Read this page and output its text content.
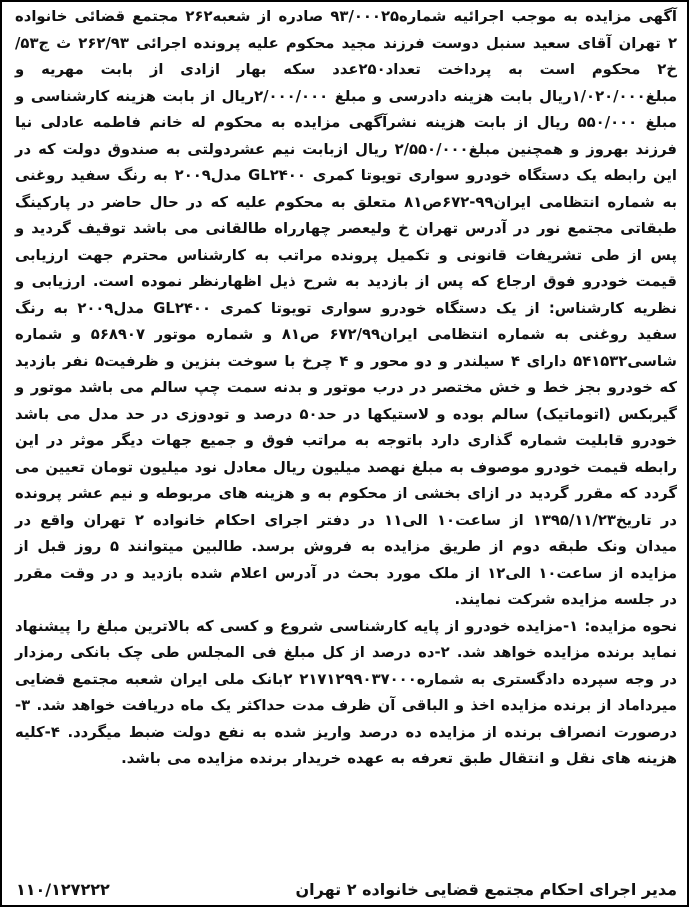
آگهی مزایده به موجب اجرائیه شماره۹۳/۰۰۰۲۵ صادره از شعبه۲۶۲ مجتمع قضائی خانواده ۲ تهران آقای سعید سنبل دوست فرزند مجید محکوم علیه پرونده اجرائی ۲۶۲/۹۳ ث ج۵۳/خ۲ محکوم است به پرداخت تعداد۲۵۰عدد سکه بهار ازادی از بابت مهریه و مبلغ۱/۰۲۰/۰۰۰ریال بابت هزینه دادرسی و مبلغ ۲/۰۰۰/۰۰۰ریال از بابت هزینه کارشناسی و مبلغ ۵۵۰/۰۰۰ ریال از بابت هزینه نشرآگهی مزایده به محکوم له خانم فاطمه عادلی نیا فرزند بهروز و همچنین مبلغ۲/۵۵۰/۰۰۰ ریال ازبابت نیم عشردولتی به صندوق دولت که در این رابطه یک دستگاه خودرو سواری تویوتا کمری GL۲۴۰۰ مدل۲۰۰۹ به رنگ سفید روغنی به شماره انتظامی ایران۹۹-۶۷۲ص۸۱ متعلق به محکوم علیه که در حال حاضر در پارکینگ طبقاتی مجتمع نور در آدرس تهران خ ولیعصر چهارراه طالقانی می باشد توقیف گردید و پس از طی تشریفات قانونی و تکمیل پرونده مراتب به کارشناس محترم جهت ارزیابی قیمت خودرو فوق ارجاع که پس از بازدید به شرح ذیل اظهارنظر نموده است. ارزیابی و نظریه کارشناس: از یک دستگاه خودرو سواری تویوتا کمری GL۲۴۰۰ مدل۲۰۰۹ به رنگ سفید روغنی به شماره انتظامی ایران۶۷۲/۹۹ ص۸۱ و شماره موتور ۵۶۸۹۰۷ و شماره شاسی۵۴۱۵۳۲ دارای ۴ سیلندر و دو محور و ۴ چرخ با سوخت بنزین و ظرفیت۵ نفر بازدید که خودرو بجز خط و خش مختصر در درب موتور و بدنه سمت چپ سالم می باشد موتور و گیربکس (اتوماتیک) سالم بوده و لاستیکها در حد۵۰ درصد و تودوزی در حد مدل می باشد خودرو قابلیت شماره گذاری دارد باتوجه به مراتب فوق و جمیع جهات دیگر موثر در این رابطه قیمت خودرو موصوف به مبلغ نهصد میلیون ریال معادل نود میلیون تومان تعیین می گردد که مقرر گردید در ازای بخشی از محکوم به و هزینه های مربوطه و نیم عشر پرونده در تاریخ۱۳۹۵/۱۱/۲۳ از ساعت۱۰ الی۱۱ در دفتر اجرای احکام خانواده ۲ تهران واقع در میدان ونک طبقه دوم از طریق مزایده به فروش برسد. طالبین میتوانند ۵ روز قبل از مزایده از ساعت۱۰ الی۱۲ از ملک مورد بحث در آدرس اعلام شده بازدید و در وقت مقرر در جلسه مزایده شرکت نمایند.

نحوه مزایده: ۱-مزایده خودرو از پایه کارشناسی شروع و کسی که بالاترین مبلغ را پیشنهاد نماید برنده مزایده خواهد شد. ۲-ده درصد از کل مبلغ فی المجلس طی چک بانکی رمزدار در وجه سپرده دادگستری به شماره۲۱۷۱۲۹۹۰۳۷۰۰۰ ۲بانک ملی ایران شعبه مجتمع قضایی میرداماد از برنده مزایده اخذ و الباقی آن ظرف مدت حداکثر یک ماه دریافت خواهد شد. ۳-درصورت انصراف برنده از مزایده ده درصد واریز شده به نفع دولت ضبط میگردد. ۴-کلیه هزینه های نقل و انتقال طبق تعرفه به عهده خریدار برنده مزایده می باشد.

مدیر اجرای احکام مجتمع قضایی خانواده ۲ تهران
۱۱۰/۱۲۷۲۲۲
